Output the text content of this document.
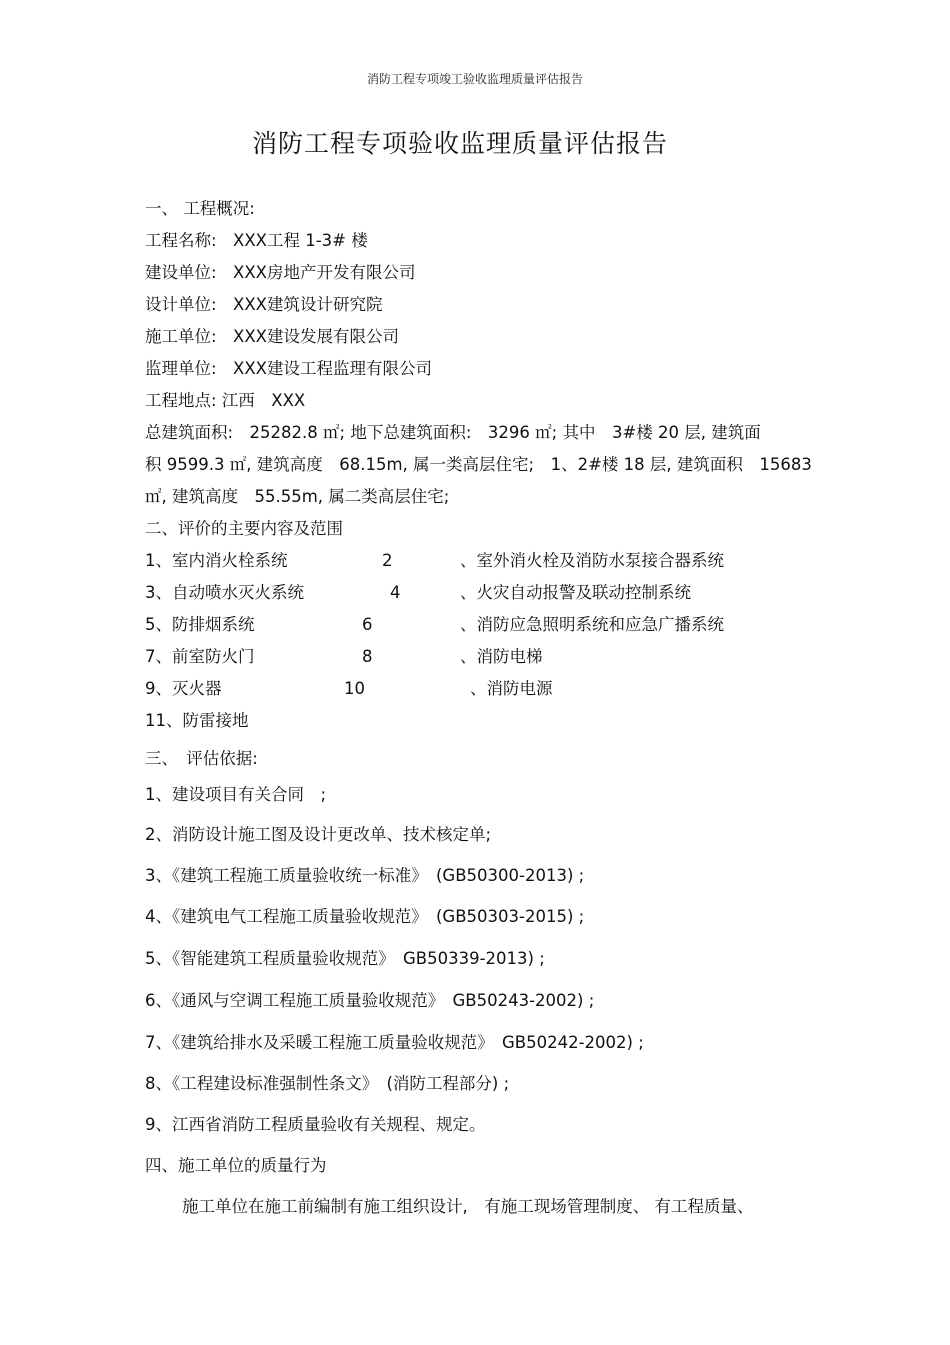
消防工程专项竣工验收监理质量评估报告
消防工程专项验收监理质量评估报告
一、 工程概况:
工程名称:　XXX工程 1-3# 楼
建设单位:　XXX房地产开发有限公司
设计单位:　XXX建筑设计研究院
施工单位:　XXX建设发展有限公司
监理单位:　XXX建设工程监理有限公司
工程地点: 江西　XXX
总建筑面积:　25282.8 ㎡; 地下总建筑面积:　3296 ㎡; 其中　3#楼 20 层, 建筑面
积 9599.3 ㎡, 建筑高度　68.15m, 属一类高层住宅;　1、2#楼 18 层, 建筑面积　15683
㎡, 建筑高度　55.55m, 属二类高层住宅;
二、评价的主要内容及范围
1、室内消火栓系统	2	、室外消火栓及消防水泵接合器系统
3、自动喷水灭火系统	4	、火灾自动报警及联动控制系统
5、防排烟系统	6	、消防应急照明系统和应急广播系统
7、前室防火门	8	、消防电梯
9、灭火器	10	、消防电源
11、防雷接地
三、　评估依据:
1、建设项目有关合同　;
2、消防设计施工图及设计更改单、技术核定单;
3、《建筑工程施工质量验收统一标准》　(GB50300-2013) ;
4、《建筑电气工程施工质量验收规范》　(GB50303-2015) ;
5、《智能建筑工程质量验收规范》　GB50339-2013) ;
6、《通风与空调工程施工质量验收规范》　GB50243-2002) ;
7、《建筑给排水及采暖工程施工质量验收规范》　GB50242-2002) ;
8、《工程建设标准强制性条文》　(消防工程部分) ;
9、江西省消防工程质量验收有关规程、规定。
四、施工单位的质量行为
施工单位在施工前编制有施工组织设计,　有施工现场管理制度、 有工程质量、
